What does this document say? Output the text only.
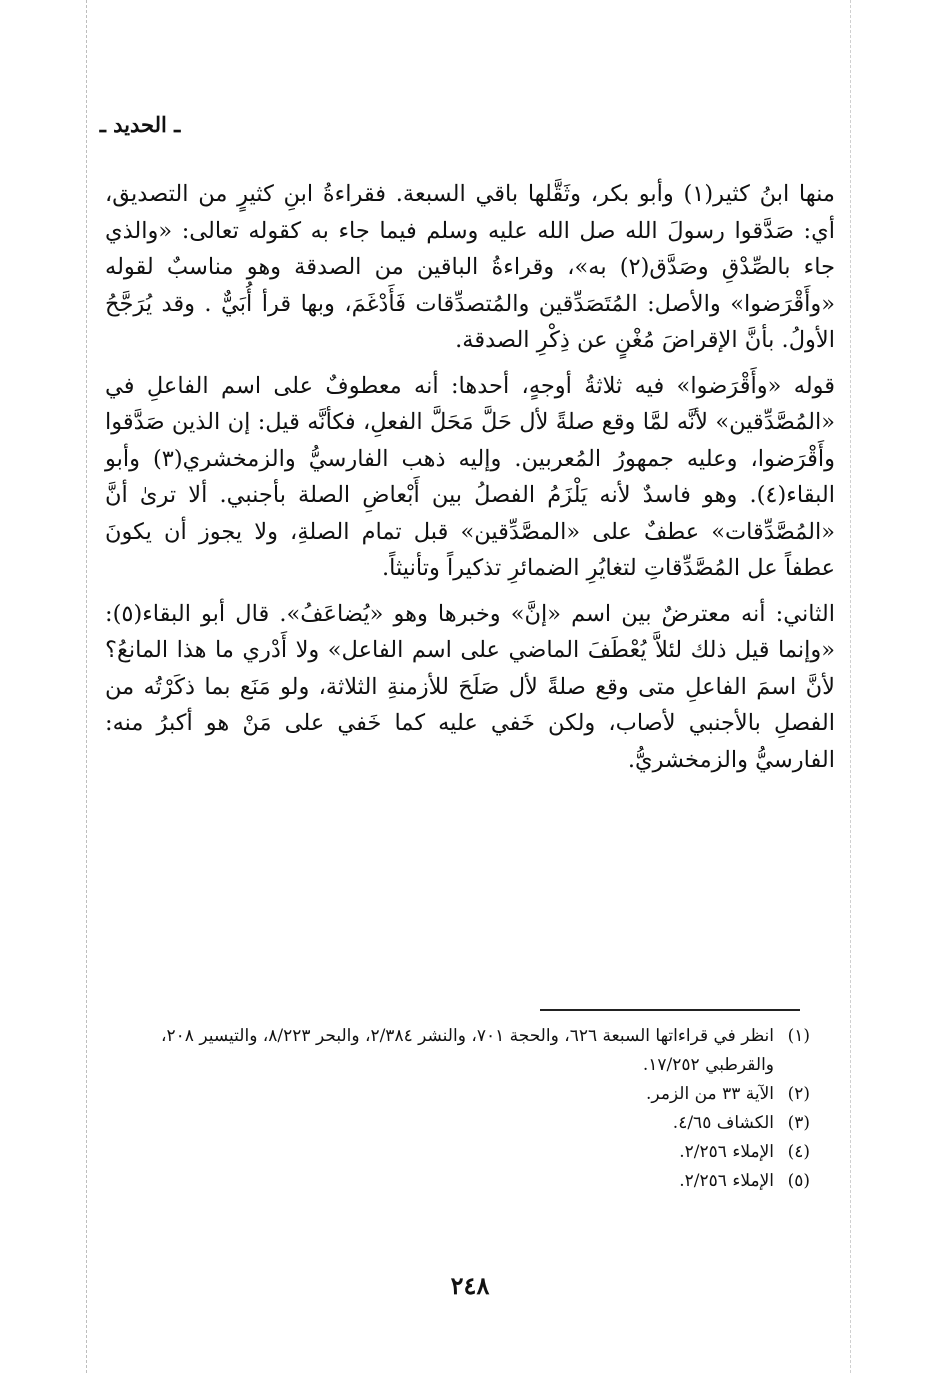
ـ الحديد ـ

منها ابنُ كثير(١) وأبو بكر، وثَقَّلها باقي السبعة. فقراءةُ ابنِ كثيرٍ من التصديق، أي: صَدَّقوا رسولَ الله صل الله عليه وسلم فيما جاء به كقوله تعالى: «والذي جاء بالصِّدْقِ وصَدَّق(٢) به»، وقراءةُ الباقين من الصدقة وهو مناسبٌ لقوله «وأَقْرَضوا» والأصل: المُتَصَدِّقين والمُتصدِّقات فَأَدْغَمَ، وبها قرأ أُبَيٌّ . وقد يُرَجَّحُ الأولُ. بأنَّ الإقراضَ مُغْنٍ عن ذِكْرِ الصدقة.

قوله «وأَقْرَضوا» فيه ثلاثةُ أوجهٍ، أحدها: أنه معطوفٌ على اسم الفاعلِ في «المُصَّدِّقين» لأنَّه لمَّا وقع صلةً لأل حَلَّ مَحَلَّ الفعلِ، فكأنَّه قيل: إن الذين صَدَّقوا وأَقْرَضوا، وعليه جمهورُ المُعربين. وإليه ذهب الفارسيُّ والزمخشري(٣) وأبو البقاء(٤). وهو فاسدٌ لأنه يَلْزَمُ الفصلُ بين أَبْعاضِ الصلة بأجنبي. ألا ترىٰ أنَّ «المُصَّدِّقات» عطفٌ على «المصَّدِّقين» قبل تمام الصلةِ، ولا يجوز أن يكونَ عطفاً عل المُصَّدِّقاتِ لتغايُرِ الضمائرِ تذكيراً وتأنيثاً.

الثاني: أنه معترضٌ بين اسم «إنَّ» وخبرها وهو «يُضاعَفُ». قال أبو البقاء(٥): «وإنما قيل ذلك لئلاَّ يُعْطَفَ الماضي على اسم الفاعل» ولا أَدْري ما هذا المانعُ؟ لأنَّ اسمَ الفاعلِ متى وقع صلةً لأل صَلَحَ للأزمنةِ الثلاثة، ولو مَنَع بما ذكَرْتُه من الفصلِ بالأجنبي لأصاب، ولكن خَفي عليه كما خَفي على مَنْ هو أكبرُ منه: الفارسيُّ والزمخشريُّ.

(١)
انظر في قراءاتها السبعة ٦٢٦، والحجة ٧٠١، والنشر ٢/٣٨٤، والبحر ٨/٢٢٣، والتيسير ٢٠٨، والقرطبي ١٧/٢٥٢.
(٢)
الآية ٣٣ من الزمر.
(٣)
الكشاف ٤/٦٥.
(٤)
الإملاء ٢/٢٥٦.
(٥)
الإملاء ٢/٢٥٦.
٢٤٨
